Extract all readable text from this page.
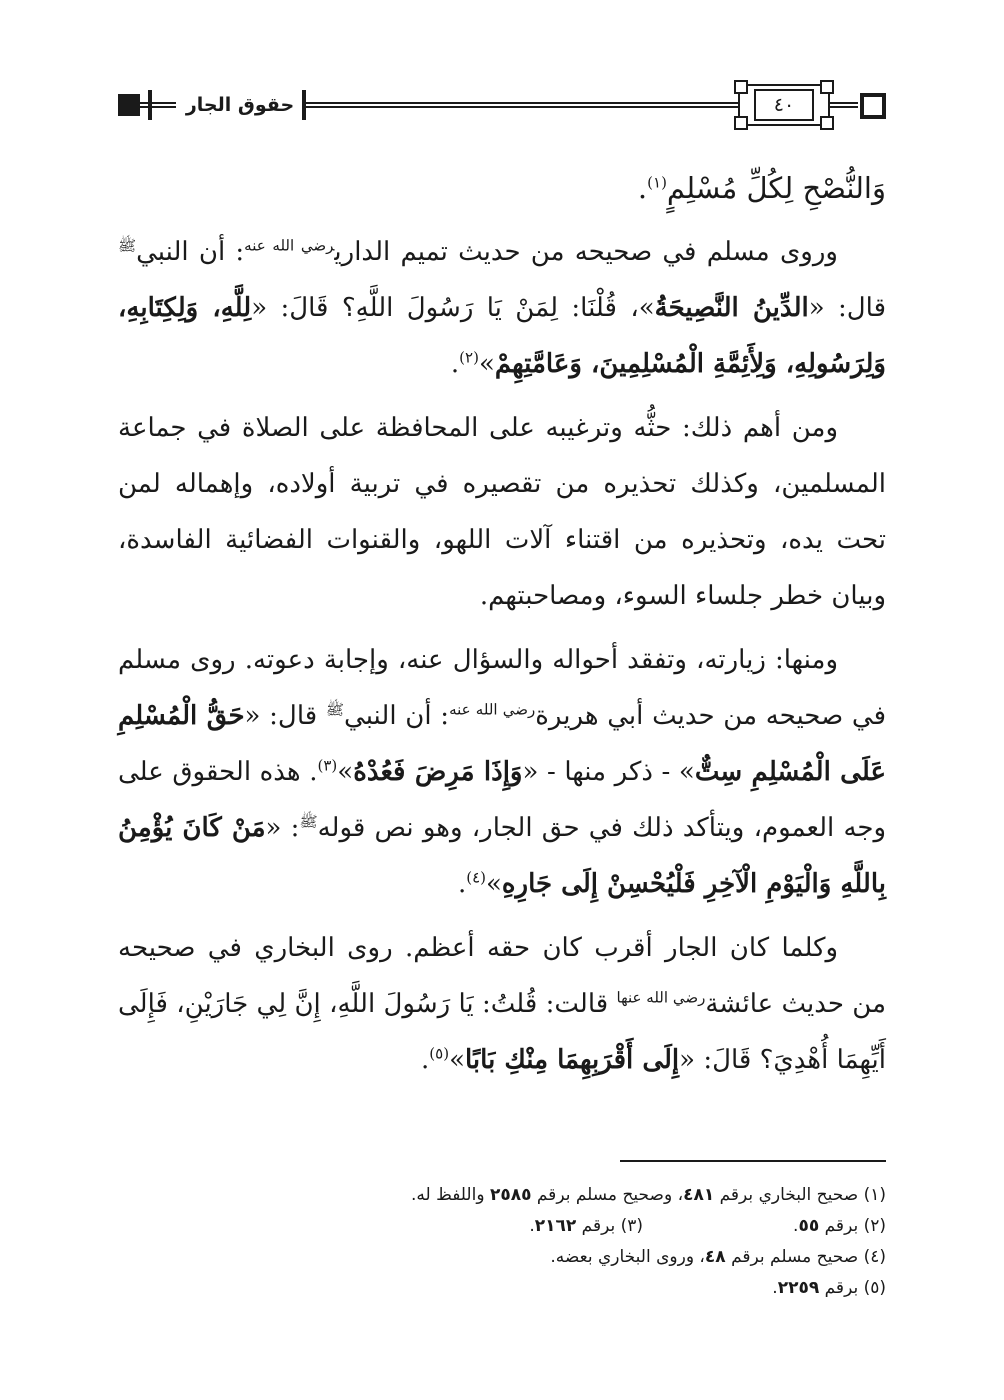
حقوق الجار	٤٠

وَالنُّصْحِ لِكُلِّ مُسْلِمٍ$^{(١)}$.

وروى مسلم في صحيحه من حديث تميم الداري$^{رضي الله عنه}$: أن النبي$^ﷺ$ قال: «الدِّينُ النَّصِيحَةُ»، قُلْنَا: لِمَنْ يَا رَسُولَ اللَّهِ؟ قَالَ: «لِلَّهِ، وَلِكِتَابِهِ، وَلِرَسُولِهِ، وَلِأَئِمَّةِ الْمُسْلِمِينَ، وَعَامَّتِهِمْ»$^{(٢)}$.

ومن أهم ذلك: حثُّه وترغيبه على المحافظة على الصلاة في جماعة المسلمين، وكذلك تحذيره من تقصيره في تربية أولاده، وإهماله لمن تحت يده، وتحذيره من اقتناء آلات اللهو، والقنوات الفضائية الفاسدة، وبيان خطر جلساء السوء، ومصاحبتهم.

ومنها: زيارته، وتفقد أحواله والسؤال عنه، وإجابة دعوته. روى مسلم في صحيحه من حديث أبي هريرة$^{رضي الله عنه}$: أن النبي$^ﷺ$ قال: «حَقُّ الْمُسْلِمِ عَلَى الْمُسْلِمِ سِتٌّ» - ذكر منها - «وَإِذَا مَرِضَ فَعُدْهُ»$^{(٣)}$. هذه الحقوق على وجه العموم، ويتأكد ذلك في حق الجار، وهو نص قوله$^ﷺ$: «مَنْ كَانَ يُؤْمِنُ بِاللَّهِ وَالْيَوْمِ الْآخِرِ فَلْيُحْسِنْ إِلَى جَارِهِ»$^{(٤)}$.

وكلما كان الجار أقرب كان حقه أعظم. روى البخاري في صحيحه من حديث عائشة$^{رضي الله عنها}$ قالت: قُلتُ: يَا رَسُولَ اللَّهِ، إِنَّ لِي جَارَيْنِ، فَإِلَى أَيِّهِمَا أُهْدِيَ؟ قَالَ: «إِلَى أَقْرَبِهِمَا مِنْكِ بَابًا»$^{(٥)}$.

(١) صحيح البخاري برقم ٤٨١، وصحيح مسلم برقم ٢٥٨٥ واللفظ له.
(٢) برقم ٥٥.(٣) برقم ٢١٦٢.
(٤) صحيح مسلم برقم ٤٨، وروى البخاري بعضه.
(٥) برقم ٢٢٥٩.
